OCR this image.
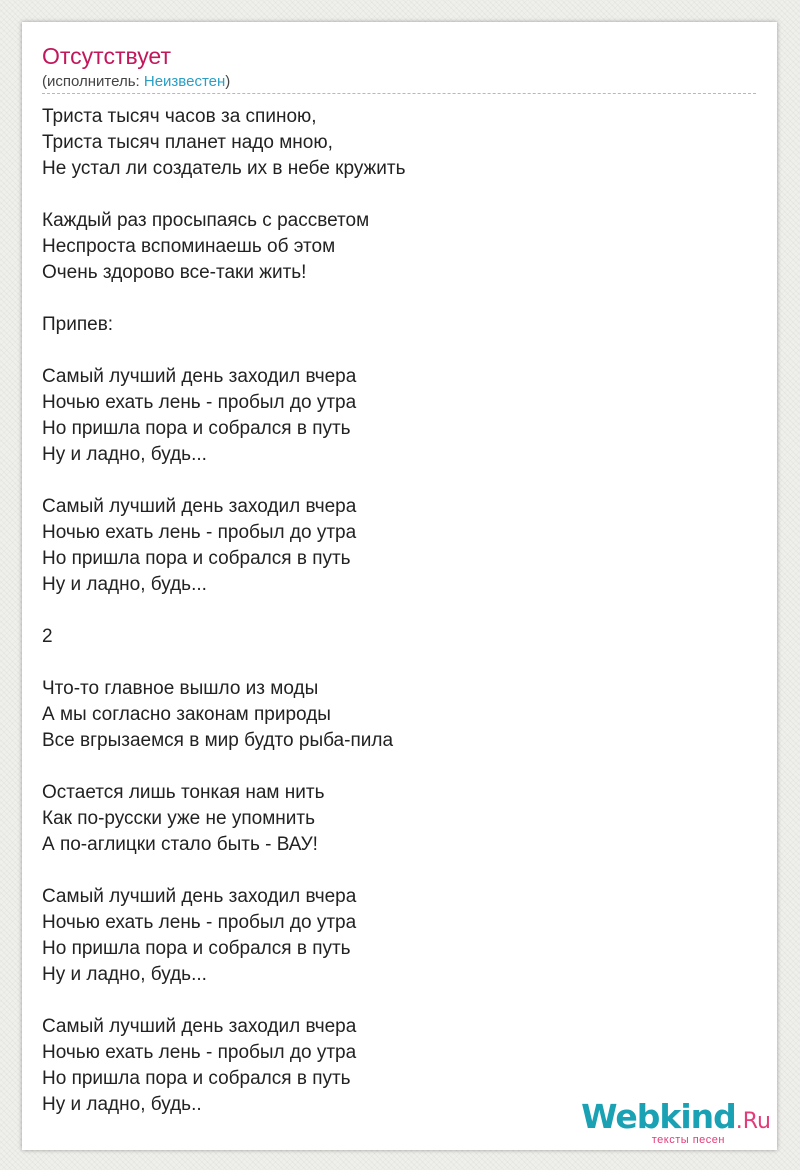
Отсутствует
(исполнитель: Неизвестен)
Триста тысяч часов за спиною,
Триста тысяч планет надо мною,
Не устал ли создатель их в небе кружить

Каждый раз просыпаясь с рассветом
Неспроста вспоминаешь об этом
Очень здорово все-таки жить!

Припев:

Самый лучший день заходил вчера
Ночью ехать лень - пробыл до утра
Но пришла пора и собрался в путь
Ну и ладно, будь...

Самый лучший день заходил вчера
Ночью ехать лень - пробыл до утра
Но пришла пора и собрался в путь
Ну и ладно, будь...

2

Что-то главное вышло из моды
А мы согласно законам природы
Все вгрызаемся в мир будто рыба-пила

Остается лишь тонкая нам нить
Как по-русски уже не упомнить
А по-аглицки стало быть - ВАУ!

Самый лучший день заходил вчера
Ночью ехать лень - пробыл до утра
Но пришла пора и собрался в путь
Ну и ладно, будь...

Самый лучший день заходил вчера
Ночью ехать лень - пробыл до утра
Но пришла пора и собрался в путь
Ну и ладно, будь..	Webkind.Ru
тексты песен
